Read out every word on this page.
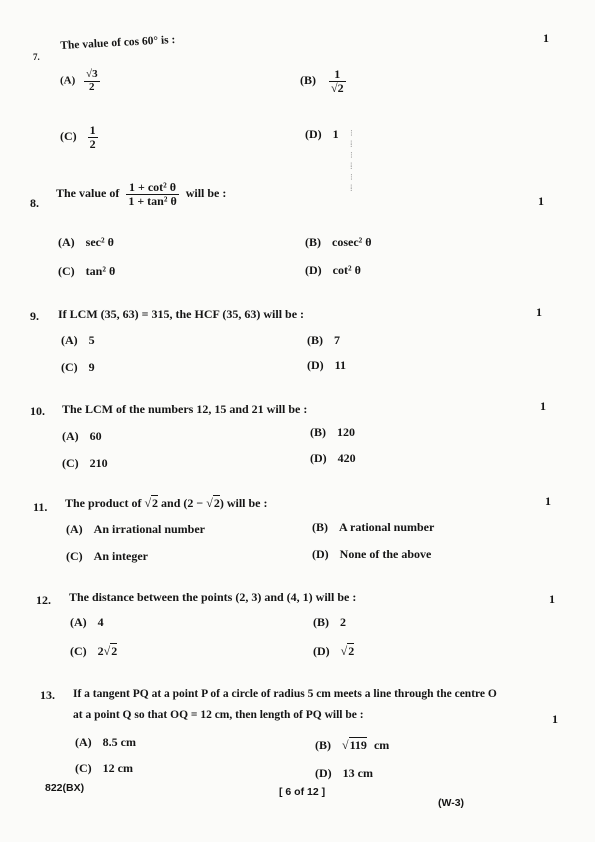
7.
The value of cos 60° is :	1
$(A) \frac{√3}{2}$	$(B) \frac{1}{√2}$
$(C) \frac{1}{2}$	(D) 1 ⁝
⁞
⁝
⁞
⁝
⁞
8.
The value of $\frac{\text{1 + cot² θ}}{\text{1 + tan² θ}}$ will be :
1
(A) sec² θ	(B) cosec² θ
(C) tan² θ	(D) cot² θ
9. If LCM (35, 63) = 315, the HCF (35, 63) will be :	1
(A) 5	(B) 7
(C) 9	(D) 11
10. The LCM of the numbers 12, 15 and 21 will be :	1
(A) 60	(B) 120
(C) 210	(D) 420
11. The product of √2 and (2 − √2) will be :	1
(A) An irrational number	(B) A rational number
(C) An integer	(D) None of the above
12. The distance between the points (2, 3) and (4, 1) will be :	1
(A) 4	(B) 2
(C) 2√2	(D) √2
13. If a tangent PQ at a point P of a circle of radius 5 cm meets a line through the centre O
at a point Q so that OQ = 12 cm, then length of PQ will be :	1
(A) 8.5 cm	(B) √119 cm
(C) 12 cm	(D) 13 cm
822(BX)	[ 6 of 12 ]
(W-3)
